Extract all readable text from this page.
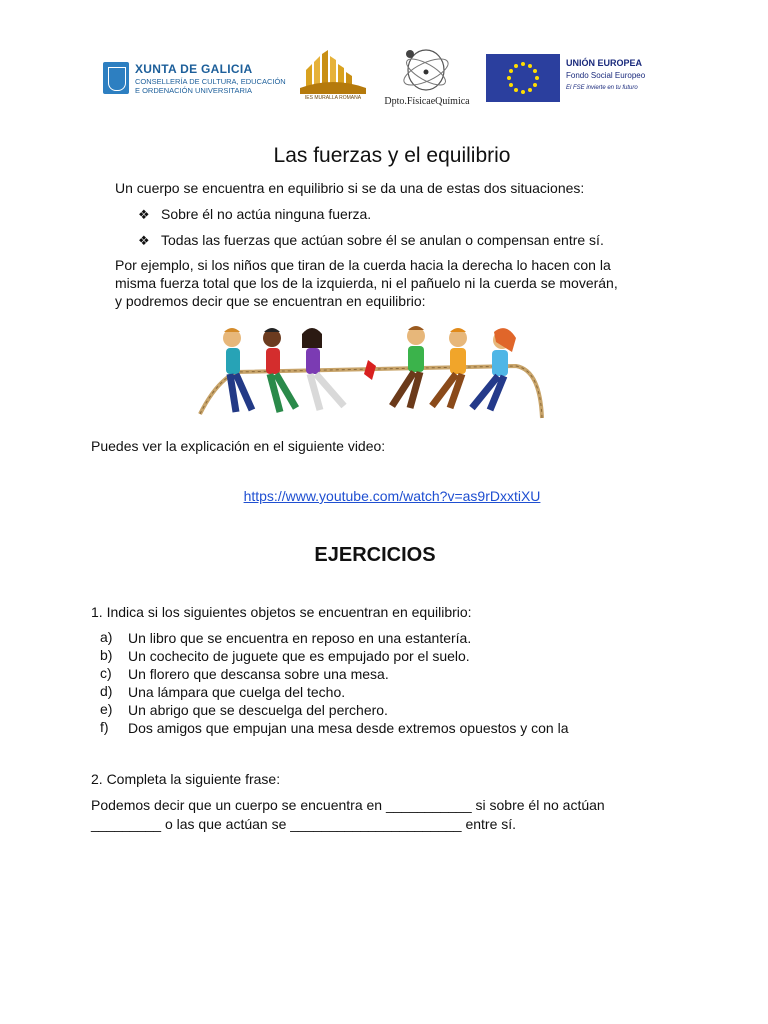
XUNTA DE GALICIA
CONSELLERÍA DE CULTURA, EDUCACIÓN
E ORDENACIÓN UNIVERSITARIA
IES MURALLA ROMANA	Dpto.FísicaeQuímica
UNIÓN EUROPEA
Fondo Social Europeo
El FSE invierte en tu futuro
Las fuerzas y el equilibrio
Un cuerpo se encuentra en equilibrio si se da una de estas dos situaciones:
❖ Sobre él no actúa ninguna fuerza.
❖ Todas las fuerzas que actúan sobre él se anulan o compensan entre sí.
Por ejemplo, si los niños que tiran de la cuerda hacia la derecha lo hacen con la
misma fuerza total que los de la izquierda, ni el pañuelo ni la cuerda se moverán,
y podremos decir que se encuentran en equilibrio:
Puedes ver la explicación en el siguiente video:
https://www.youtube.com/watch?v=as9rDxxtiXU
EJERCICIOS
1. Indica si los siguientes objetos se encuentran en equilibrio:
a) Un libro que se encuentra en reposo en una estantería.
b) Un cochecito de juguete que es empujado por el suelo.
c) Un florero que descansa sobre una mesa.
d) Una lámpara que cuelga del techo.
e) Un abrigo que se descuelga del perchero.
f) Dos amigos que empujan una mesa desde extremos opuestos y con la
2. Completa la siguiente frase:
Podemos decir que un cuerpo se encuentra en ___________ si sobre él no actúan
_________ o las que actúan se ______________________ entre sí.
